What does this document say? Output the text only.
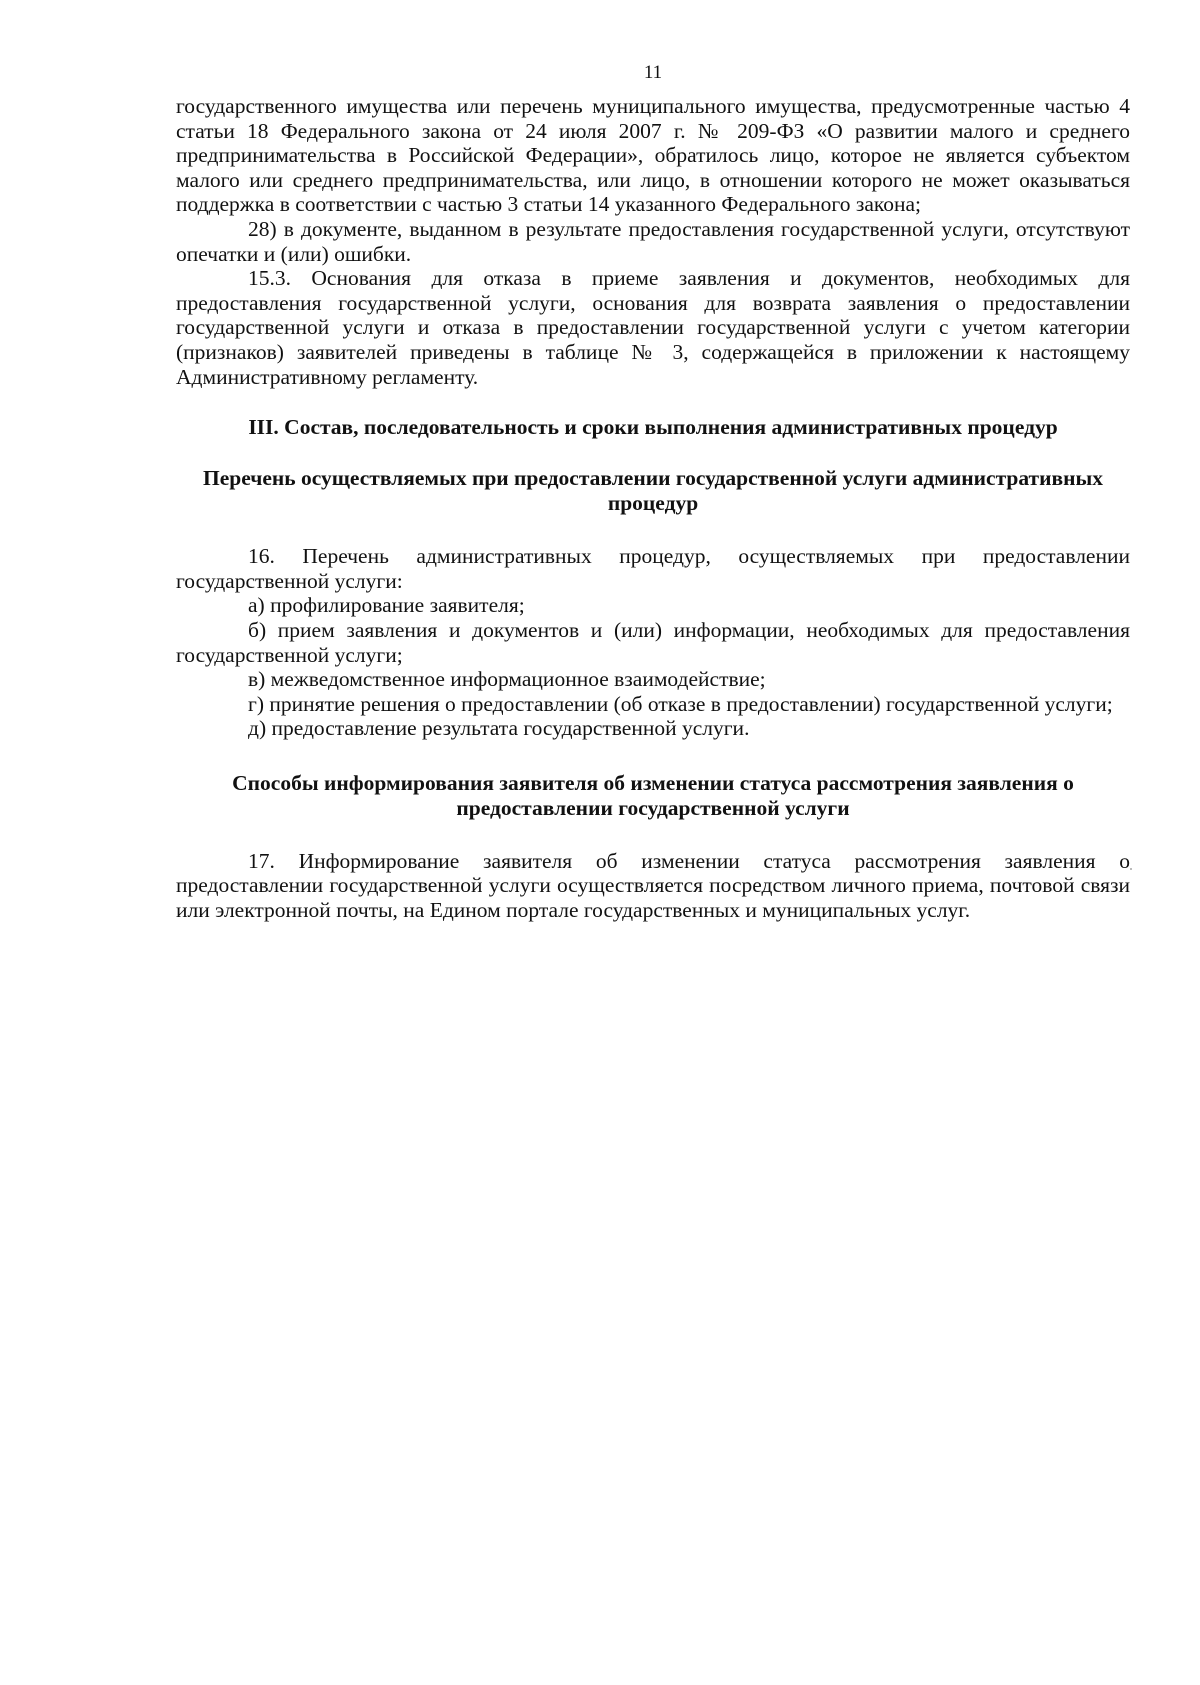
11

государственного имущества или перечень муниципального имущества, предусмотренные частью 4 статьи 18 Федерального закона от 24 июля 2007 г. № 209-ФЗ «О развитии малого и среднего предпринимательства в Российской Федерации», обратилось лицо, которое не является субъектом малого или среднего предпринимательства, или лицо, в отношении которого не может оказываться поддержка в соответствии с частью 3 статьи 14 указанного Федерального закона;

28) в документе, выданном в результате предоставления государственной услуги, отсутствуют опечатки и (или) ошибки.

15.3. Основания для отказа в приеме заявления и документов, необходимых для предоставления государственной услуги, основания для возврата заявления о предоставлении государственной услуги и отказа в предоставлении государственной услуги с учетом категории (признаков) заявителей приведены в таблице № 3, содержащейся в приложении к настоящему Административному регламенту.

III. Состав, последовательность и сроки выполнения административных процедур
Перечень осуществляемых при предоставлении государственной услуги административных процедур

16. Перечень административных процедур, осуществляемых при предоставлении государственной услуги:

а) профилирование заявителя;

б) прием заявления и документов и (или) информации, необходимых для предоставления государственной услуги;

в) межведомственное информационное взаимодействие;

г) принятие решения о предоставлении (об отказе в предоставлении) государственной услуги;

д) предоставление результата государственной услуги.

Способы информирования заявителя об изменении статуса рассмотрения заявления о предоставлении государственной услуги

17. Информирование заявителя об изменении статуса рассмотрения заявления о предоставлении государственной услуги осуществляется посредством личного приема, почтовой связи или электронной почты, на Едином портале государственных и муниципальных услуг.
